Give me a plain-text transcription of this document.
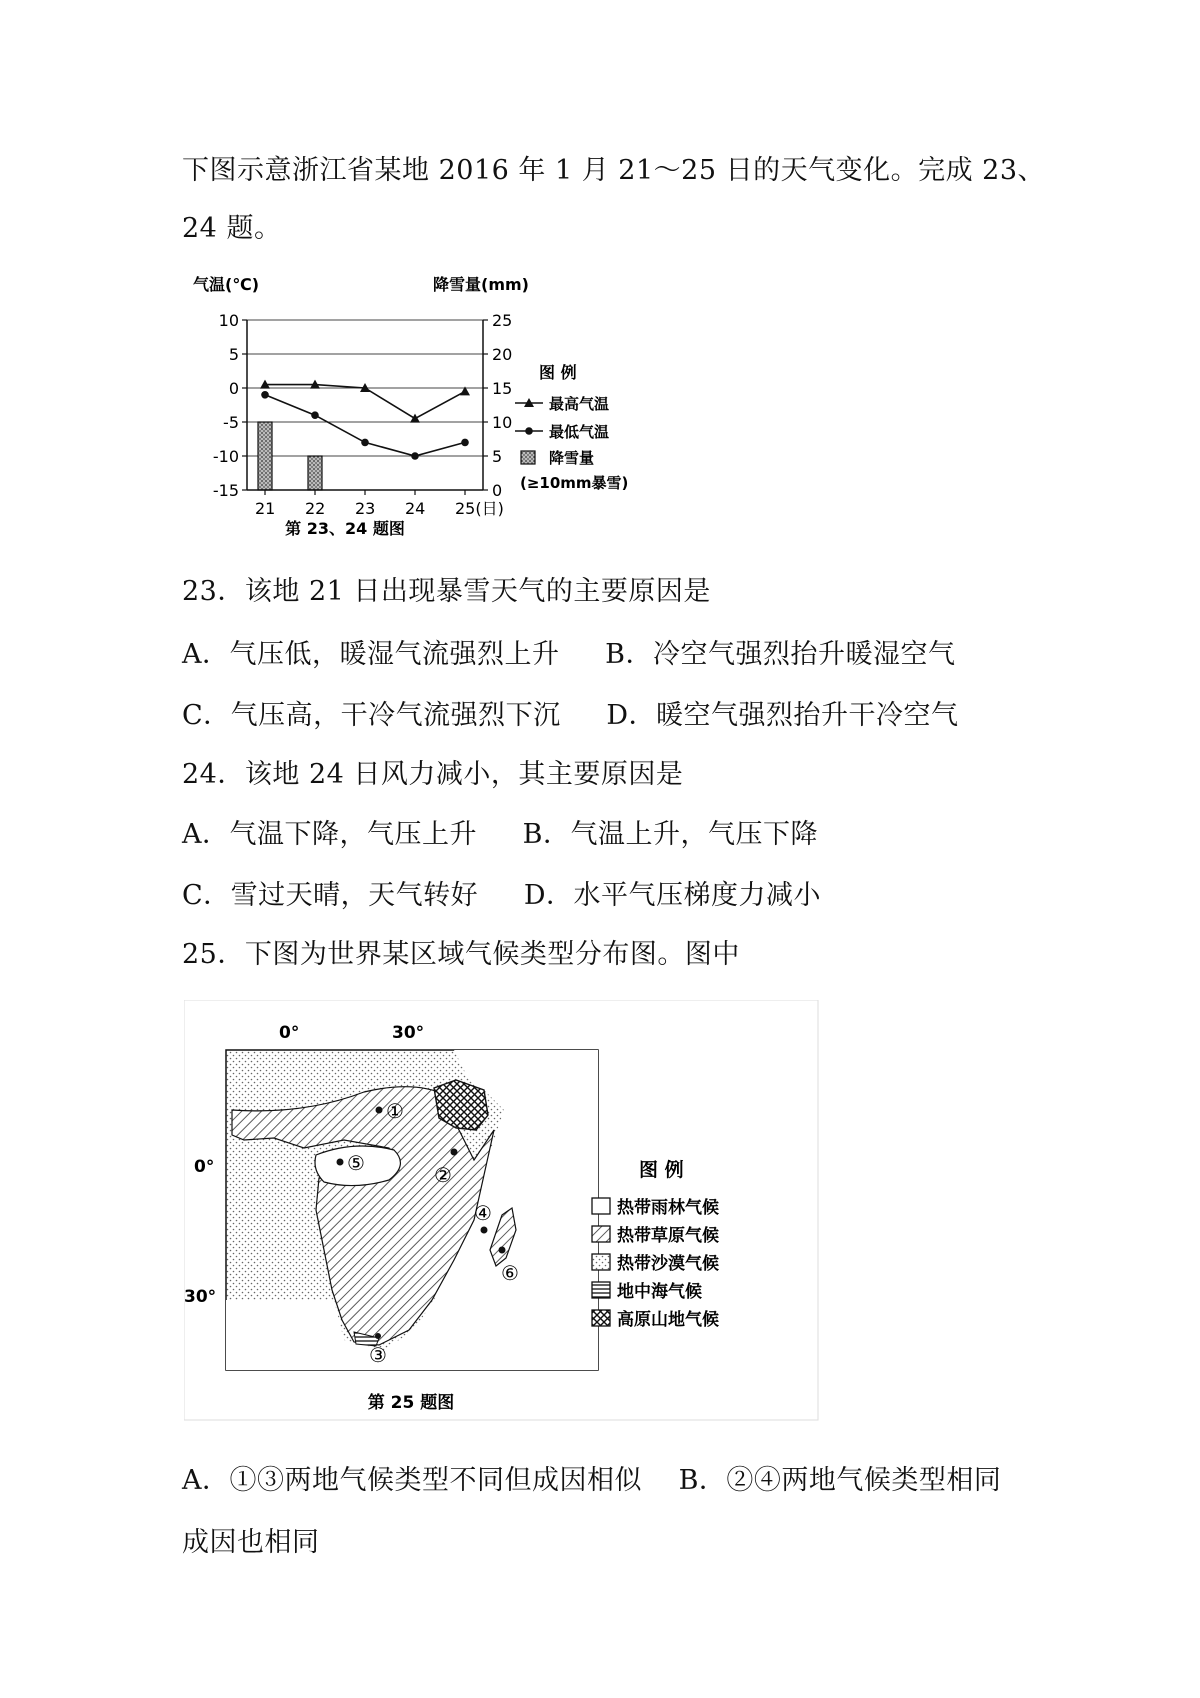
下图示意浙江省某地 2016 年 1 月 21～25 日的天气变化。完成 23、
24 题。
气温(℃)	降雪量(mm)
10
5
0
-5
-10
-15
25
20
15
10
5
0
21 22 23 24 25(日)
图 例
最高气温
最低气温
降雪量
(≥10mm暴雪)
第 23、24 题图
23．该地 21 日出现暴雪天气的主要原因是
A．气压低，暖湿气流强烈上升 　 B．冷空气强烈抬升暖湿空气
C．气压高，干冷气流强烈下沉 　 D．暖空气强烈抬升干冷空气
24．该地 24 日风力减小，其主要原因是
A．气温下降，气压上升 　 B．气温上升，气压下降
C．雪过天晴，天气转好 　 D．水平气压梯度力减小
25．下图为世界某区域气候类型分布图。图中
0°	30°
0°
30°
①
②
③
④
⑤
⑥
图 例
热带雨林气候
热带草原气候
热带沙漠气候
地中海气候
高原山地气候
第 25 题图
A．①③两地气候类型不同但成因相似 　B．②④两地气候类型相同
成因也相同
